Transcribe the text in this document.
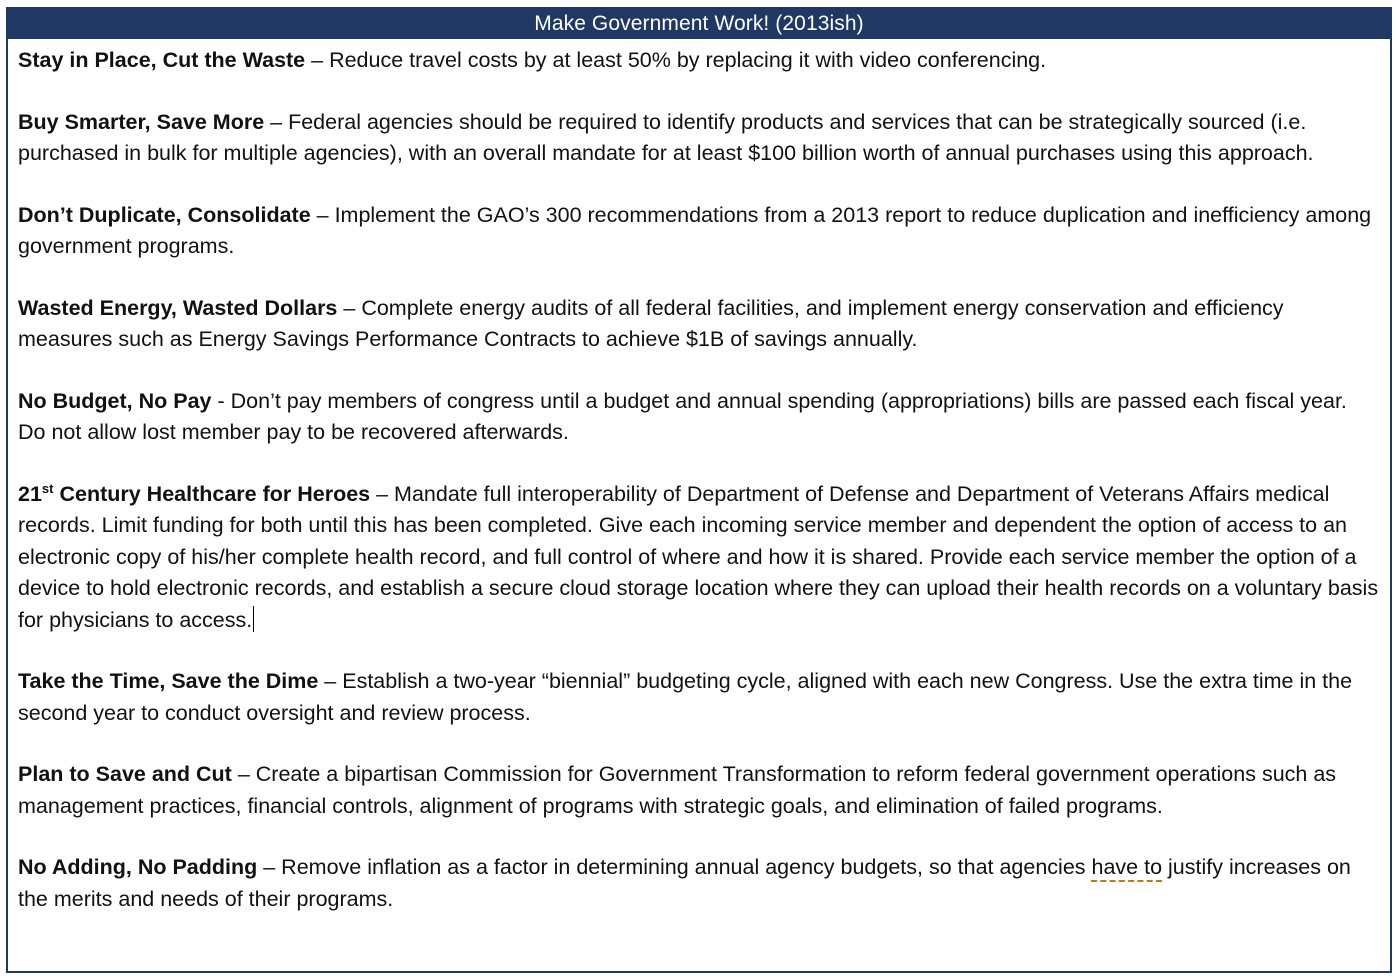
Make Government Work! (2013ish)

Stay in Place, Cut the Waste – Reduce travel costs by at least 50% by replacing it with video conferencing.

Buy Smarter, Save More – Federal agencies should be required to identify products and services that can be strategically sourced (i.e. purchased in bulk for multiple agencies), with an overall mandate for at least $100 billion worth of annual purchases using this approach.

Don’t Duplicate, Consolidate – Implement the GAO’s 300 recommendations from a 2013 report to reduce duplication and inefficiency among government programs.

Wasted Energy, Wasted Dollars – Complete energy audits of all federal facilities, and implement energy conservation and efficiency measures such as Energy Savings Performance Contracts to achieve $1B of savings annually.

No Budget, No Pay - Don’t pay members of congress until a budget and annual spending (appropriations) bills are passed each fiscal year. Do not allow lost member pay to be recovered afterwards.

21st Century Healthcare for Heroes – Mandate full interoperability of Department of Defense and Department of Veterans Affairs medical records. Limit funding for both until this has been completed. Give each incoming service member and dependent the option of access to an electronic copy of his/her complete health record, and full control of where and how it is shared. Provide each service member the option of a device to hold electronic records, and establish a secure cloud storage location where they can upload their health records on a voluntary basis for physicians to access.

Take the Time, Save the Dime – Establish a two-year “biennial” budgeting cycle, aligned with each new Congress. Use the extra time in the second year to conduct oversight and review process.

Plan to Save and Cut – Create a bipartisan Commission for Government Transformation to reform federal government operations such as management practices, financial controls, alignment of programs with strategic goals, and elimination of failed programs.

No Adding, No Padding – Remove inflation as a factor in determining annual agency budgets, so that agencies have to justify increases on the merits and needs of their programs.
